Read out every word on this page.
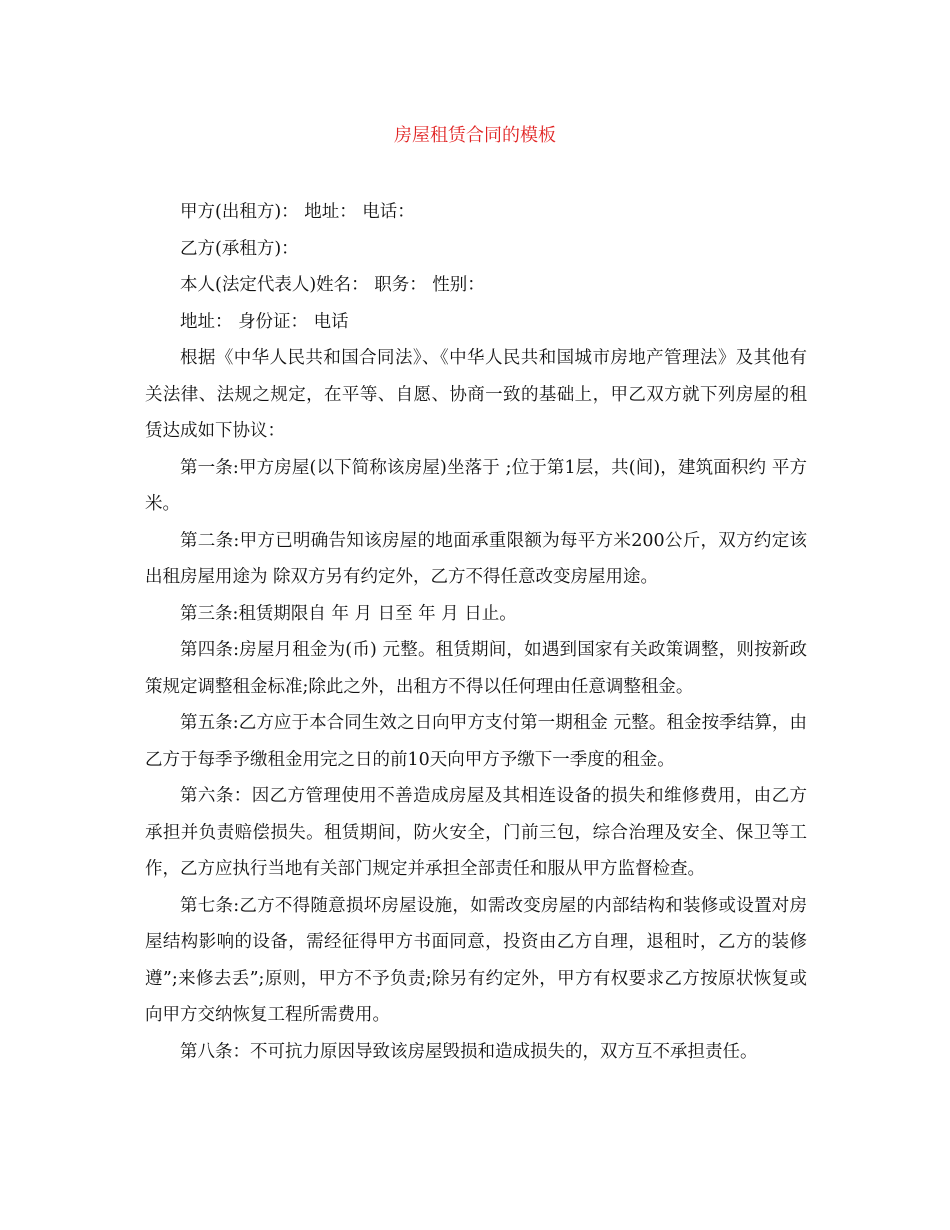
房屋租赁合同的模板

甲方(出租方)： 地址： 电话：

乙方(承租方)：

本人(法定代表人)姓名： 职务： 性别：

地址： 身份证： 电话

根据《中华人民共和国合同法》、《中华人民共和国城市房地产管理法》及其他有关法律、法规之规定，在平等、自愿、协商一致的基础上，甲乙双方就下列房屋的租赁达成如下协议：

第一条:甲方房屋(以下简称该房屋)坐落于 ;位于第1层，共(间)，建筑面积约 平方米。

第二条:甲方已明确告知该房屋的地面承重限额为每平方米200公斤，双方约定该出租房屋用途为 除双方另有约定外，乙方不得任意改变房屋用途。

第三条:租赁期限自 年 月 日至 年 月 日止。

第四条:房屋月租金为(币) 元整。租赁期间，如遇到国家有关政策调整，则按新政策规定调整租金标准;除此之外，出租方不得以任何理由任意调整租金。

第五条:乙方应于本合同生效之日向甲方支付第一期租金 元整。租金按季结算，由乙方于每季予缴租金用完之日的前10天向甲方予缴下一季度的租金。

第六条：因乙方管理使用不善造成房屋及其相连设备的损失和维修费用，由乙方承担并负责赔偿损失。租赁期间，防火安全，门前三包，综合治理及安全、保卫等工作，乙方应执行当地有关部门规定并承担全部责任和服从甲方监督检查。

第七条:乙方不得随意损坏房屋设施，如需改变房屋的内部结构和装修或设置对房屋结构影响的设备，需经征得甲方书面同意，投资由乙方自理，退租时，乙方的装修遵”;来修去丢”;原则，甲方不予负责;除另有约定外，甲方有权要求乙方按原状恢复或向甲方交纳恢复工程所需费用。

第八条：不可抗力原因导致该房屋毁损和造成损失的，双方互不承担责任。
